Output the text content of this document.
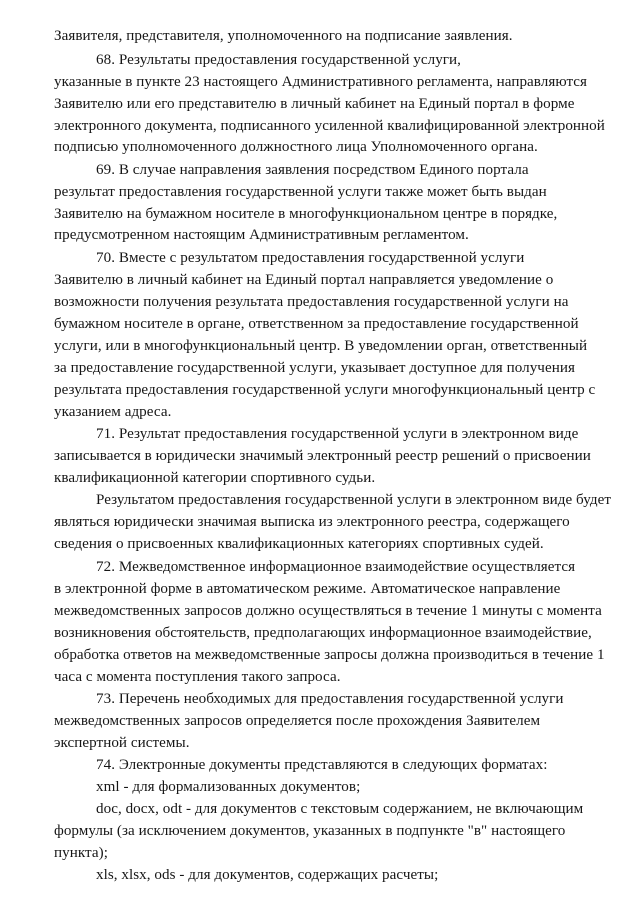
Заявителя, представителя, уполномоченного на подписание заявления.
68. Результаты предоставления государственной услуги,
указанные в пункте 23 настоящего Административного регламента, направляются
Заявителю или его представителю в личный кабинет на Единый портал в форме
электронного документа, подписанного усиленной квалифицированной электронной
подписью уполномоченного должностного лица Уполномоченного органа.
69. В случае направления заявления посредством Единого портала
результат предоставления государственной услуги также может быть выдан
Заявителю на бумажном носителе в многофункциональном центре в порядке,
предусмотренном настоящим Административным регламентом.
70. Вместе с результатом предоставления государственной услуги
Заявителю в личный кабинет на Единый портал направляется уведомление о
возможности получения результата предоставления государственной услуги на
бумажном носителе в органе, ответственном за предоставление государственной
услуги, или в многофункциональный центр. В уведомлении орган, ответственный
за предоставление государственной услуги, указывает доступное для получения
результата предоставления государственной услуги многофункциональный центр с
указанием адреса.
71. Результат предоставления государственной услуги в электронном виде
записывается в юридически значимый электронный реестр решений о присвоении
квалификационной категории спортивного судьи.
Результатом предоставления государственной услуги в электронном виде будет
являться юридически значимая выписка из электронного реестра, содержащего
сведения о присвоенных квалификационных категориях спортивных судей.
72. Межведомственное информационное взаимодействие осуществляется
в электронной форме в автоматическом режиме. Автоматическое направление
межведомственных запросов должно осуществляться в течение 1 минуты с момента
возникновения обстоятельств, предполагающих информационное взаимодействие,
обработка ответов на межведомственные запросы должна производиться в течение 1
часа с момента поступления такого запроса.
73. Перечень необходимых для предоставления государственной услуги
межведомственных запросов определяется после прохождения Заявителем
экспертной системы.
74. Электронные документы представляются в следующих форматах:
xml - для формализованных документов;
doc, docx, odt - для документов с текстовым содержанием, не включающим
формулы (за исключением документов, указанных в подпункте "в" настоящего
пункта);
xls, xlsx, ods - для документов, содержащих расчеты;
